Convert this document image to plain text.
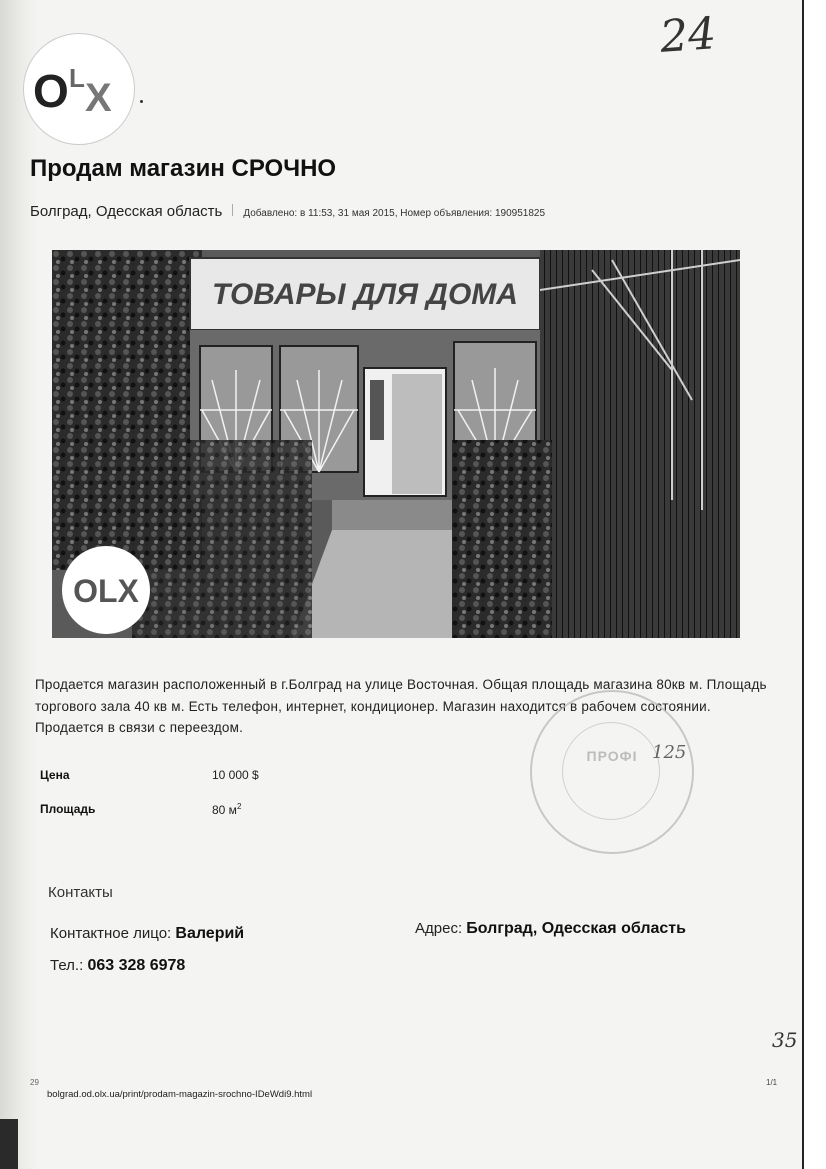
24
O L X
Продам магазин СРОЧНО
Болград, Одесская область Добавлено: в 11:53, 31 мая 2015, Номер объявления: 190951825
ТОВАРЫ ДЛЯ ДОМА
OLX

Продается магазин расположенный в г.Болград на улице Восточная. Общая площадь магазина 80кв м. Площадь торгового зала 40 кв м. Есть телефон, интернет, кондиционер. Магазин находится в рабочем состоянии. Продается в связи с переездом.

Цена	10 000 $
Площадь	80 $м^2$
ПРОФІ 125
Контакты
Контактное лицо: Валерий
Тел.: 063 328 6978
Адрес: Болград, Одесская область
35
29
bolgrad.od.olx.ua/print/prodam-magazin-srochno-IDeWdi9.html
1/1
